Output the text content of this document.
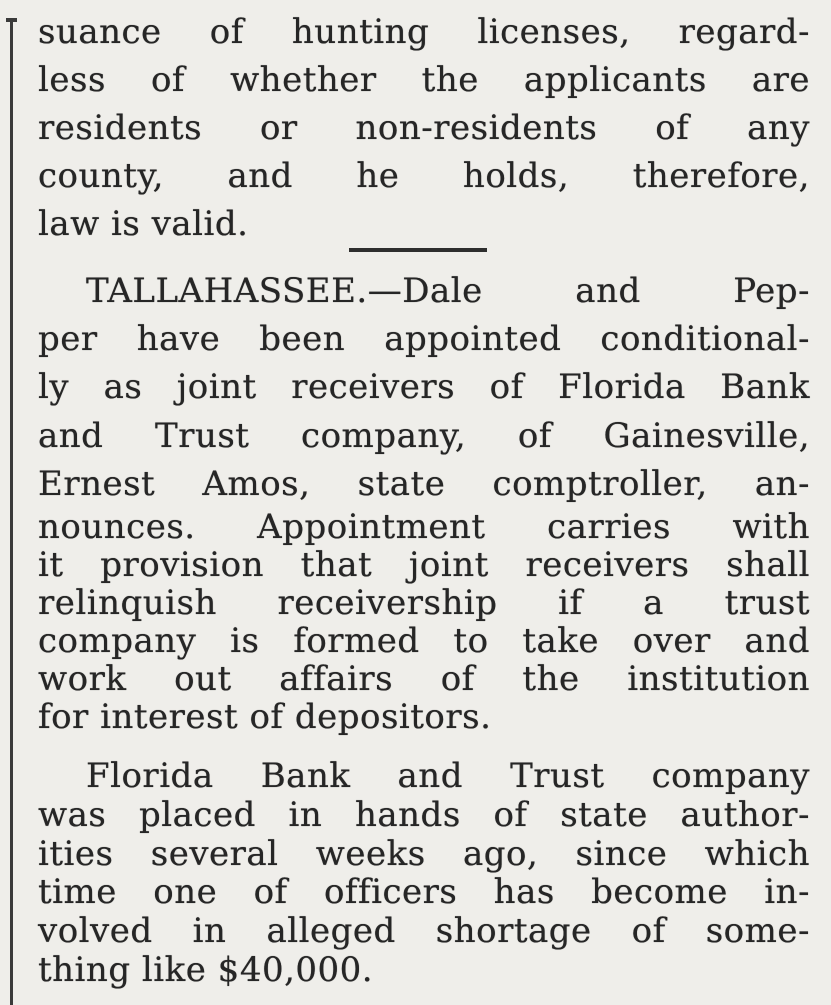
suance of hunting licenses, regard-
less of whether the applicants are
residents or non-residents of any
county, and he holds, therefore,
law is valid.
TALLAHASSEE.—Dale and Pep-
per have been appointed conditional-
ly as joint receivers of Florida Bank
and Trust company, of Gainesville,
Ernest Amos, state comptroller, an-
nounces. Appointment carries with
it provision that joint receivers shall
relinquish receivership if a trust
company is formed to take over and
work out affairs of the institution
for interest of depositors.
Florida Bank and Trust company
was placed in hands of state author-
ities several weeks ago, since which
time one of officers has become in-
volved in alleged shortage of some-
thing like $40,000.
